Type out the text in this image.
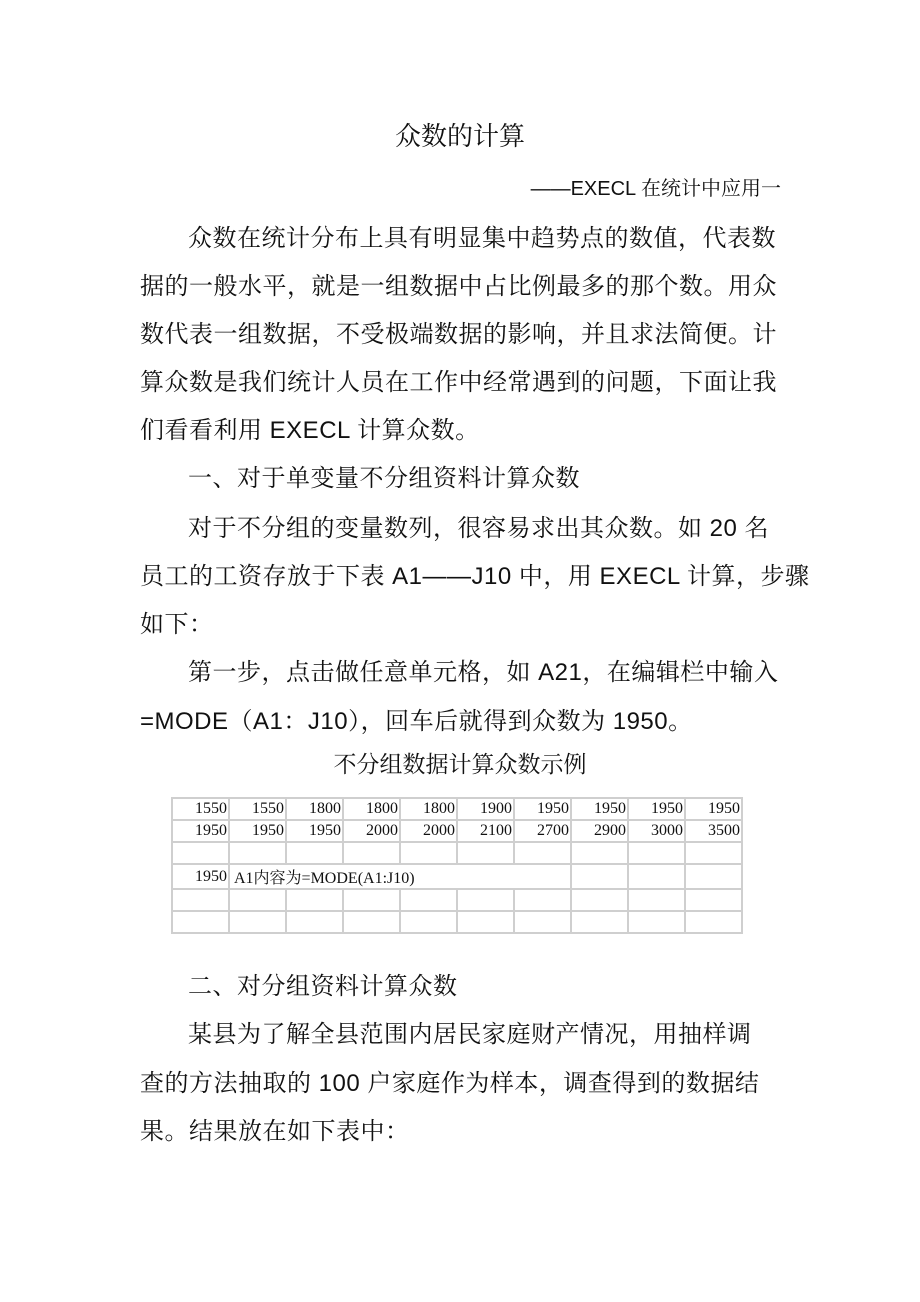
众数的计算
——EXECL 在统计中应用一
众数在统计分布上具有明显集中趋势点的数值，代表数
据的一般水平，就是一组数据中占比例最多的那个数。用众
数代表一组数据，不受极端数据的影响，并且求法简便。计
算众数是我们统计人员在工作中经常遇到的问题，下面让我
们看看利用 EXECL 计算众数。
一、对于单变量不分组资料计算众数
对于不分组的变量数列，很容易求出其众数。如 20 名
员工的工资存放于下表 A1——J10 中，用 EXECL 计算，步骤
如下：
第一步，点击做任意单元格，如 A21，在编辑栏中输入
=MODE（A1：J10），回车后就得到众数为 1950。
不分组数据计算众数示例
1550	1550	1800	1800	1800	1900	1950	1950	1950	1950
1950	1950	1950	2000	2000	2100	2700	2900	3000	3500

1950	A1内容为=MODE(A1:J10)								

二、对分组资料计算众数
某县为了解全县范围内居民家庭财产情况，用抽样调
查的方法抽取的 100 户家庭作为样本，调查得到的数据结
果。结果放在如下表中：
